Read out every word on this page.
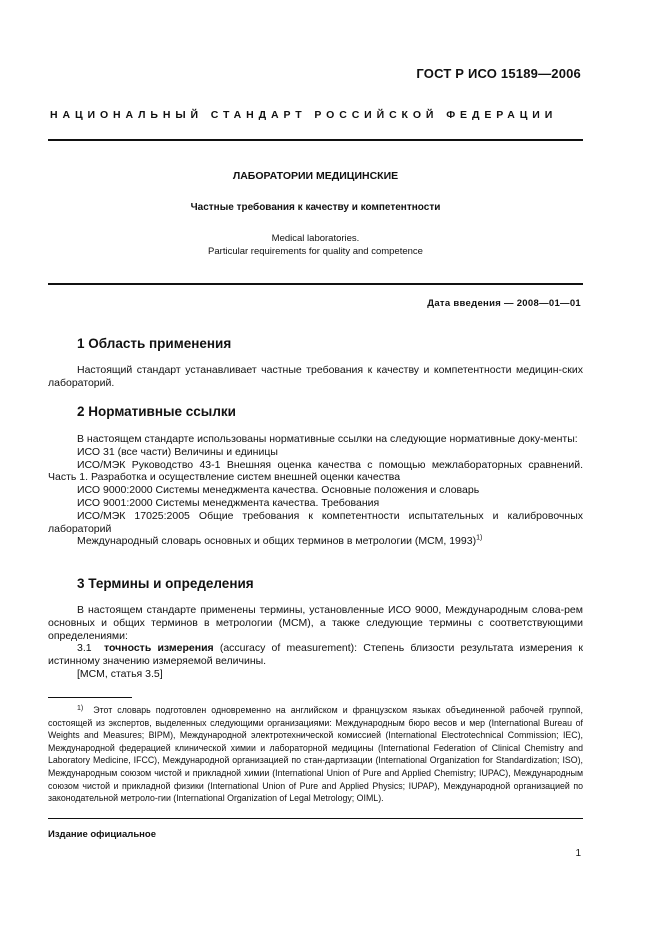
ГОСТ Р ИСО 15189—2006
НАЦИОНАЛЬНЫЙ СТАНДАРТ РОССИЙСКОЙ ФЕДЕРАЦИИ
ЛАБОРАТОРИИ МЕДИЦИНСКИЕ
Частные требования к качеству и компетентности
Medical laboratories.
Particular requirements for quality and competence
Дата введения — 2008—01—01
1 Область применения
Настоящий стандарт устанавливает частные требования к качеству и компетентности медицин-ских лабораторий.
2 Нормативные ссылки
В настоящем стандарте использованы нормативные ссылки на следующие нормативные доку-менты:
ИСО 31 (все части) Величины и единицы
ИСО/МЭК Руководство 43-1 Внешняя оценка качества с помощью межлабораторных сравнений. Часть 1. Разработка и осуществление систем внешней оценки качества
ИСО 9000:2000 Системы менеджмента качества. Основные положения и словарь
ИСО 9001:2000 Системы менеджмента качества. Требования
ИСО/МЭК 17025:2005 Общие требования к компетентности испытательных и калибровочных лабораторий
Международный словарь основных и общих терминов в метрологии (МСМ, 1993)$^{1)}$
3 Термины и определения
В настоящем стандарте применены термины, установленные ИСО 9000, Международным слова-рем основных и общих терминов в метрологии (МСМ), а также следующие термины с соответствующими определениями:
3.1 точность измерения (accuracy of measurement): Степень близости результата измерения к истинному значению измеряемой величины.
[МСМ, статья 3.5]
$^{1)}$ Этот словарь подготовлен одновременно на английском и французском языках объединенной рабочей группой, состоящей из экспертов, выделенных следующими организациями: Международным бюро весов и мер (International Bureau of Weights and Measures; BIPM), Международной электротехнической комиссией (International Electrotechnical Commission; IEC), Международной федерацией клинической химии и лабораторной медицины (International Federation of Clinical Chemistry and Laboratory Medicine, IFCC), Международной организацией по стан-дартизации (International Organization for Standardization; ISO), Международным союзом чистой и прикладной химии (International Union of Pure and Applied Chemistry; IUPAC), Международным союзом чистой и прикладной физики (International Union of Pure and Applied Physics; IUPAP), Международной организацией по законодательной метроло-гии (International Organization of Legal Metrology; OIML).
Издание официальное
1
